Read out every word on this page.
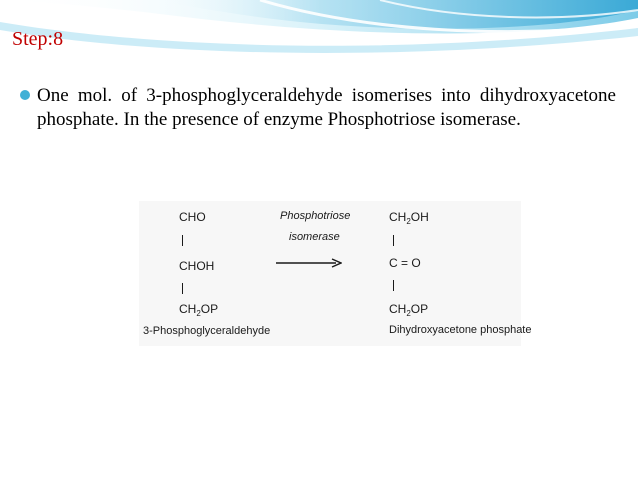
Step:8

One mol. of 3-phosphoglyceraldehyde isomerises into dihydroxyacetone phosphate. In the presence of enzyme Phosphotriose isomerase.

CHO
CHOH
$CH_2OP$
3-Phosphoglyceraldehyde
Phosphotriose
isomerase
$CH_2OH$
C = O
$CH_2OP$
Dihydroxyacetone phosphate
